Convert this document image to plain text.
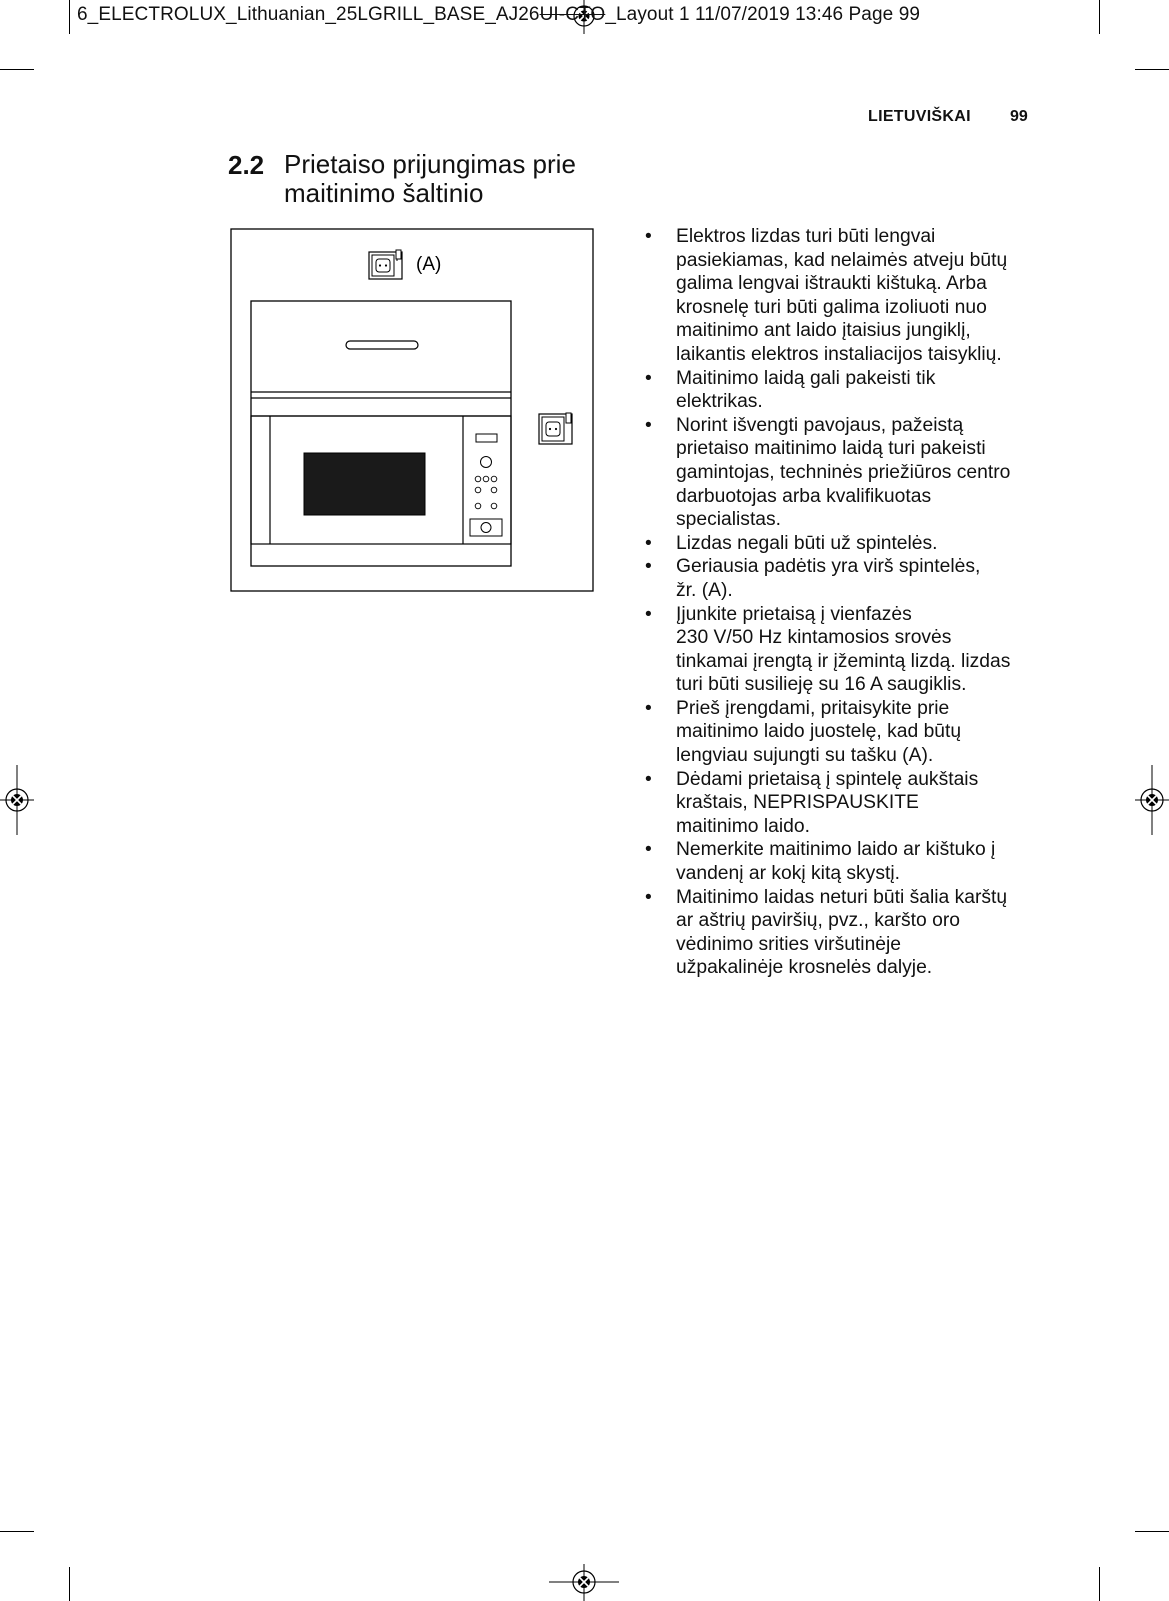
6_ELECTROLUX_Lithuanian_25LGRILL_BASE_AJ26UI-CTO_Layout 1 11/07/2019 13:46 Page 99
LIETUVIŠKAI 99
2.2 Prietaiso prijungimas prie
maitinimo šaltinio
(A)
• Elektros lizdas turi būti lengvai
pasiekiamas, kad nelaimės atveju būtų
galima lengvai ištraukti kištuką. Arba
krosnelę turi būti galima izoliuoti nuo
maitinimo ant laido įtaisius jungiklį,
laikantis elektros instaliacijos taisyklių.
• Maitinimo laidą gali pakeisti tik
elektrikas.
• Norint išvengti pavojaus, pažeistą
prietaiso maitinimo laidą turi pakeisti
gamintojas, techninės priežiūros centro
darbuotojas arba kvalifikuotas
specialistas.
• Lizdas negali būti už spintelės.
• Geriausia padėtis yra virš spintelės,
žr. (A).
• Įjunkite prietaisą į vienfazės
230 V/50 Hz kintamosios srovės
tinkamai įrengtą ir įžemintą lizdą. lizdas
turi būti susilieję su 16 A saugiklis.
• Prieš įrengdami, pritaisykite prie
maitinimo laido juostelę, kad būtų
lengviau sujungti su tašku (A).
• Dėdami prietaisą į spintelę aukštais
kraštais, NEPRISPAUSKITE
maitinimo laido.
• Nemerkite maitinimo laido ar kištuko į
vandenį ar kokį kitą skystį.
• Maitinimo laidas neturi būti šalia karštų
ar aštrių paviršių, pvz., karšto oro
vėdinimo srities viršutinėje
užpakalinėje krosnelės dalyje.
